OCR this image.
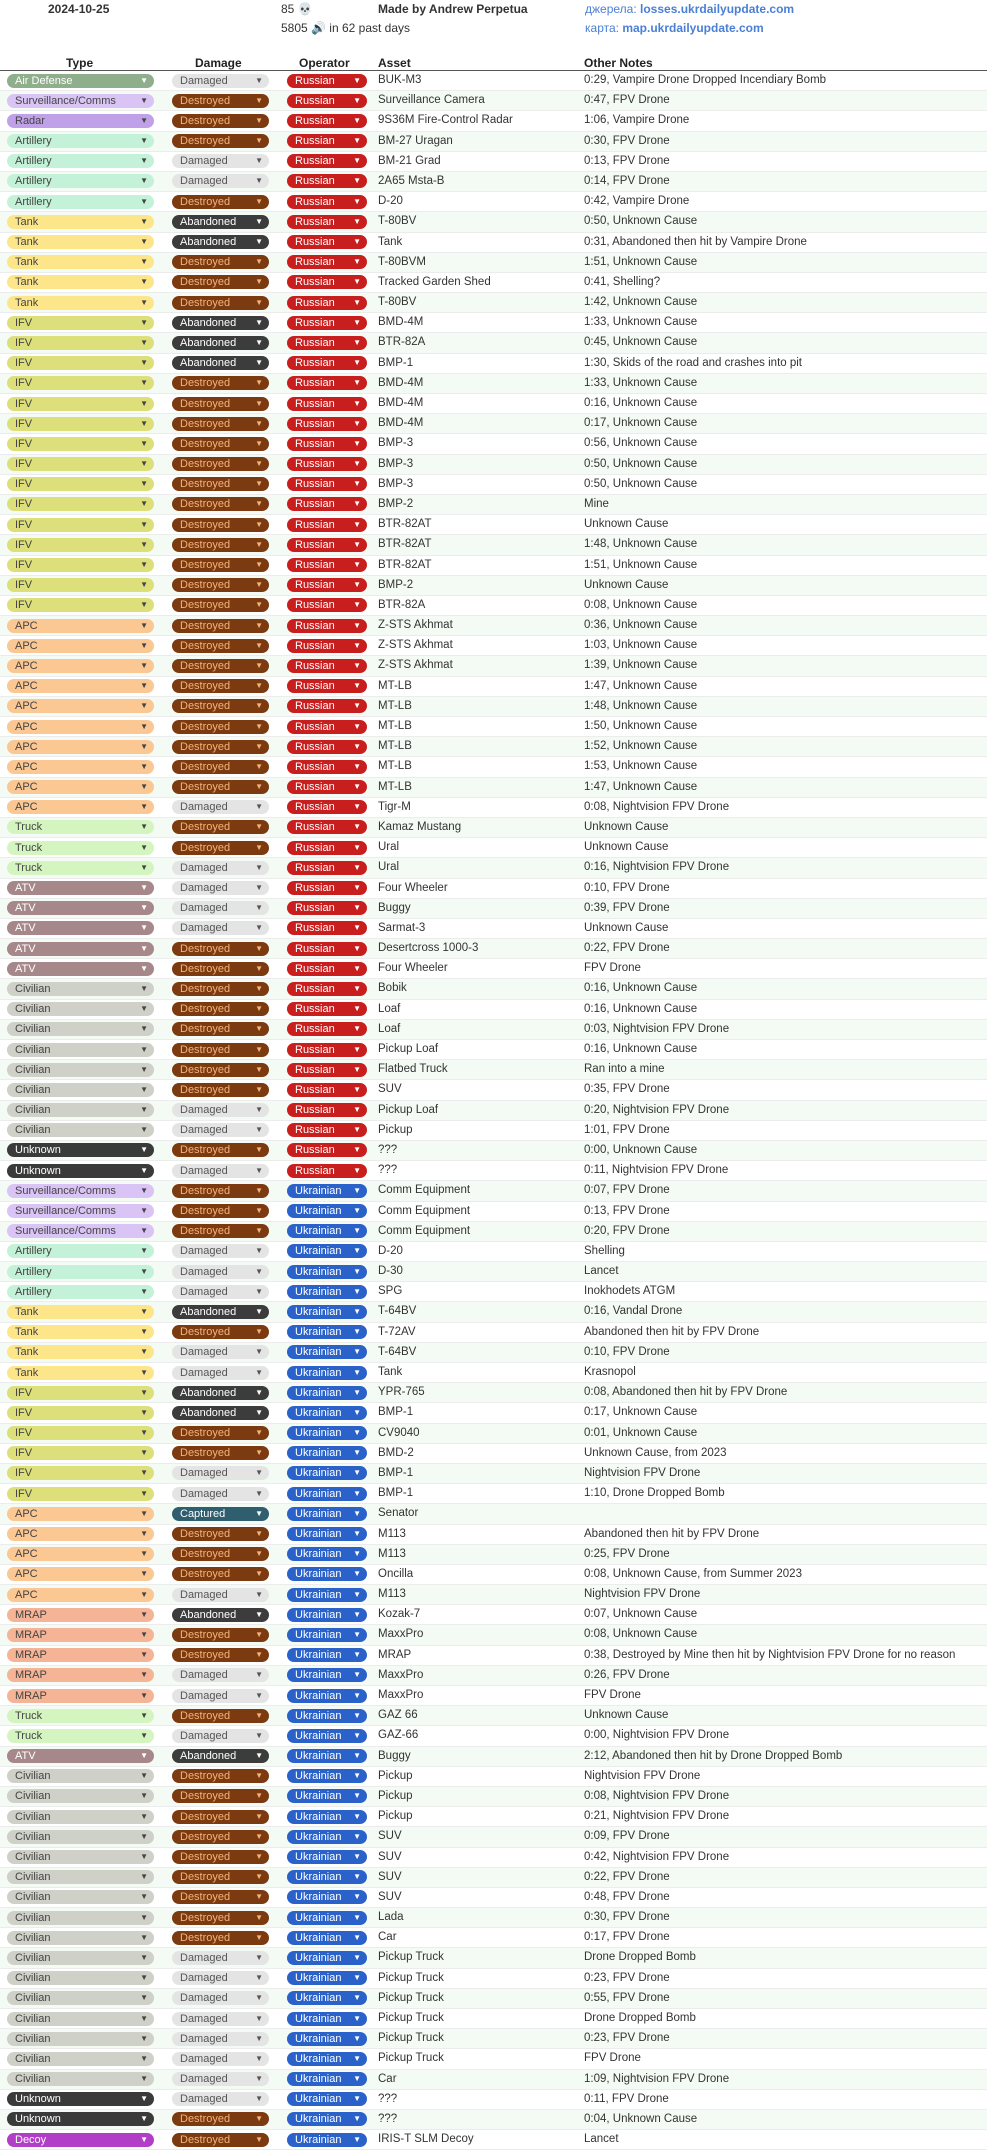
2024-10-25	85 💀
5805 🔊 in 62 past days
Made by Andrew Perpetua	джерела: losses.ukrdailyupdate.com
карта: map.ukrdailyupdate.com
Type	Damage	Operator Asset	Other Notes
Air Defense	▼	Damaged	▼	Russian ▼ BUK-M3	0:29, Vampire Drone Dropped Incendiary Bomb
Surveillance/Comms	▼	Destroyed	▼	Russian ▼ Surveillance Camera	0:47, FPV Drone
Radar	▼	Destroyed	▼	Russian ▼ 9S36M Fire-Control Radar	1:06, Vampire Drone
Artillery	▼	Destroyed	▼	Russian ▼ BM-27 Uragan	0:30, FPV Drone
Artillery	▼	Damaged	▼	Russian ▼ BM-21 Grad	0:13, FPV Drone
Artillery	▼	Damaged	▼	Russian ▼ 2A65 Msta-B	0:14, FPV Drone
Artillery	▼	Destroyed	▼	Russian ▼ D-20	0:42, Vampire Drone
Tank	▼	Abandoned ▼	Russian ▼ T-80BV	0:50, Unknown Cause
Tank	▼	Abandoned ▼	Russian ▼ Tank	0:31, Abandoned then hit by Vampire Drone
Tank	▼	Destroyed	▼	Russian ▼ T-80BVM	1:51, Unknown Cause
Tank	▼	Destroyed	▼	Russian ▼ Tracked Garden Shed	0:41, Shelling?
Tank	▼	Destroyed	▼	Russian ▼ T-80BV	1:42, Unknown Cause
IFV	▼	Abandoned ▼	Russian ▼ BMD-4M	1:33, Unknown Cause
IFV	▼	Abandoned ▼	Russian ▼ BTR-82A	0:45, Unknown Cause
IFV	▼	Abandoned ▼	Russian ▼ BMP-1	1:30, Skids of the road and crashes into pit
IFV	▼	Destroyed	▼	Russian ▼ BMD-4M	1:33, Unknown Cause
IFV	▼	Destroyed	▼	Russian ▼ BMD-4M	0:16, Unknown Cause
IFV	▼	Destroyed	▼	Russian ▼ BMD-4M	0:17, Unknown Cause
IFV	▼	Destroyed	▼	Russian ▼ BMP-3	0:56, Unknown Cause
IFV	▼	Destroyed	▼	Russian ▼ BMP-3	0:50, Unknown Cause
IFV	▼	Destroyed	▼	Russian ▼ BMP-3	0:50, Unknown Cause
IFV	▼	Destroyed	▼	Russian ▼ BMP-2	Mine
IFV	▼	Destroyed	▼	Russian ▼ BTR-82AT	Unknown Cause
IFV	▼	Destroyed	▼	Russian ▼ BTR-82AT	1:48, Unknown Cause
IFV	▼	Destroyed	▼	Russian ▼ BTR-82AT	1:51, Unknown Cause
IFV	▼	Destroyed	▼	Russian ▼ BMP-2	Unknown Cause
IFV	▼	Destroyed	▼	Russian ▼ BTR-82A	0:08, Unknown Cause
APC	▼	Destroyed	▼	Russian ▼ Z-STS Akhmat	0:36, Unknown Cause
APC	▼	Destroyed	▼	Russian ▼ Z-STS Akhmat	1:03, Unknown Cause
APC	▼	Destroyed	▼	Russian ▼ Z-STS Akhmat	1:39, Unknown Cause
APC	▼	Destroyed	▼	Russian ▼ MT-LB	1:47, Unknown Cause
APC	▼	Destroyed	▼	Russian ▼ MT-LB	1:48, Unknown Cause
APC	▼	Destroyed	▼	Russian ▼ MT-LB	1:50, Unknown Cause
APC	▼	Destroyed	▼	Russian ▼ MT-LB	1:52, Unknown Cause
APC	▼	Destroyed	▼	Russian ▼ MT-LB	1:53, Unknown Cause
APC	▼	Destroyed	▼	Russian ▼ MT-LB	1:47, Unknown Cause
APC	▼	Damaged	▼	Russian ▼ Tigr-M	0:08, Nightvision FPV Drone
Truck	▼	Destroyed	▼	Russian ▼ Kamaz Mustang	Unknown Cause
Truck	▼	Destroyed	▼	Russian ▼ Ural	Unknown Cause
Truck	▼	Damaged	▼	Russian ▼ Ural	0:16, Nightvision FPV Drone
ATV	▼	Damaged	▼	Russian ▼ Four Wheeler	0:10, FPV Drone
ATV	▼	Damaged	▼	Russian ▼ Buggy	0:39, FPV Drone
ATV	▼	Damaged	▼	Russian ▼ Sarmat-3	Unknown Cause
ATV	▼	Destroyed	▼	Russian ▼ Desertcross 1000-3	0:22, FPV Drone
ATV	▼	Destroyed	▼	Russian ▼ Four Wheeler	FPV Drone
Civilian	▼	Destroyed	▼	Russian ▼ Bobik	0:16, Unknown Cause
Civilian	▼	Destroyed	▼	Russian ▼ Loaf	0:16, Unknown Cause
Civilian	▼	Destroyed	▼	Russian ▼ Loaf	0:03, Nightvision FPV Drone
Civilian	▼	Destroyed	▼	Russian ▼ Pickup Loaf	0:16, Unknown Cause
Civilian	▼	Destroyed	▼	Russian ▼ Flatbed Truck	Ran into a mine
Civilian	▼	Destroyed	▼	Russian ▼ SUV	0:35, FPV Drone
Civilian	▼	Damaged	▼	Russian ▼ Pickup Loaf	0:20, Nightvision FPV Drone
Civilian	▼	Damaged	▼	Russian ▼ Pickup	1:01, FPV Drone
Unknown	▼	Destroyed	▼	Russian ▼ ???	0:00, Unknown Cause
Unknown	▼	Damaged	▼	Russian ▼ ???	0:11, Nightvision FPV Drone
Surveillance/Comms	▼	Destroyed	▼	Ukrainian ▼ Comm Equipment	0:07, FPV Drone
Surveillance/Comms	▼	Destroyed	▼	Ukrainian ▼ Comm Equipment	0:13, FPV Drone
Surveillance/Comms	▼	Destroyed	▼	Ukrainian ▼ Comm Equipment	0:20, FPV Drone
Artillery	▼	Damaged	▼	Ukrainian ▼ D-20	Shelling
Artillery	▼	Damaged	▼	Ukrainian ▼ D-30	Lancet
Artillery	▼	Damaged	▼	Ukrainian ▼ SPG	Inokhodets ATGM
Tank	▼	Abandoned ▼	Ukrainian ▼ T-64BV	0:16, Vandal Drone
Tank	▼	Destroyed	▼	Ukrainian ▼ T-72AV	Abandoned then hit by FPV Drone
Tank	▼	Damaged	▼	Ukrainian ▼ T-64BV	0:10, FPV Drone
Tank	▼	Damaged	▼	Ukrainian ▼ Tank	Krasnopol
IFV	▼	Abandoned ▼	Ukrainian ▼ YPR-765	0:08, Abandoned then hit by FPV Drone
IFV	▼	Abandoned ▼	Ukrainian ▼ BMP-1	0:17, Unknown Cause
IFV	▼	Destroyed	▼	Ukrainian ▼ CV9040	0:01, Unknown Cause
IFV	▼	Destroyed	▼	Ukrainian ▼ BMD-2	Unknown Cause, from 2023
IFV	▼	Damaged	▼	Ukrainian ▼ BMP-1	Nightvision FPV Drone
IFV	▼	Damaged	▼	Ukrainian ▼ BMP-1	1:10, Drone Dropped Bomb
APC	▼	Captured	▼	Ukrainian ▼ Senator
APC	▼	Destroyed	▼	Ukrainian ▼ M113	Abandoned then hit by FPV Drone
APC	▼	Destroyed	▼	Ukrainian ▼ M113	0:25, FPV Drone
APC	▼	Destroyed	▼	Ukrainian ▼ Oncilla	0:08, Unknown Cause, from Summer 2023
APC	▼	Damaged	▼	Ukrainian ▼ M113	Nightvision FPV Drone
MRAP	▼	Abandoned ▼	Ukrainian ▼ Kozak-7	0:07, Unknown Cause
MRAP	▼	Destroyed	▼	Ukrainian ▼ MaxxPro	0:08, Unknown Cause
MRAP	▼	Destroyed	▼	Ukrainian ▼ MRAP	0:38, Destroyed by Mine then hit by Nightvision FPV Drone for no reason
MRAP	▼	Damaged	▼	Ukrainian ▼ MaxxPro	0:26, FPV Drone
MRAP	▼	Damaged	▼	Ukrainian ▼ MaxxPro	FPV Drone
Truck	▼	Destroyed	▼	Ukrainian ▼ GAZ 66	Unknown Cause
Truck	▼	Damaged	▼	Ukrainian ▼ GAZ-66	0:00, Nightvision FPV Drone
ATV	▼	Abandoned ▼	Ukrainian ▼ Buggy	2:12, Abandoned then hit by Drone Dropped Bomb
Civilian	▼	Destroyed	▼	Ukrainian ▼ Pickup	Nightvision FPV Drone
Civilian	▼	Destroyed	▼	Ukrainian ▼ Pickup	0:08, Nightvision FPV Drone
Civilian	▼	Destroyed	▼	Ukrainian ▼ Pickup	0:21, Nightvision FPV Drone
Civilian	▼	Destroyed	▼	Ukrainian ▼ SUV	0:09, FPV Drone
Civilian	▼	Destroyed	▼	Ukrainian ▼ SUV	0:42, Nightvision FPV Drone
Civilian	▼	Destroyed	▼	Ukrainian ▼ SUV	0:22, FPV Drone
Civilian	▼	Destroyed	▼	Ukrainian ▼ SUV	0:48, FPV Drone
Civilian	▼	Destroyed	▼	Ukrainian ▼ Lada	0:30, FPV Drone
Civilian	▼	Destroyed	▼	Ukrainian ▼ Car	0:17, FPV Drone
Civilian	▼	Damaged	▼	Ukrainian ▼ Pickup Truck	Drone Dropped Bomb
Civilian	▼	Damaged	▼	Ukrainian ▼ Pickup Truck	0:23, FPV Drone
Civilian	▼	Damaged	▼	Ukrainian ▼ Pickup Truck	0:55, FPV Drone
Civilian	▼	Damaged	▼	Ukrainian ▼ Pickup Truck	Drone Dropped Bomb
Civilian	▼	Damaged	▼	Ukrainian ▼ Pickup Truck	0:23, FPV Drone
Civilian	▼	Damaged	▼	Ukrainian ▼ Pickup Truck	FPV Drone
Civilian	▼	Damaged	▼	Ukrainian ▼ Car	1:09, Nightvision FPV Drone
Unknown	▼	Damaged	▼	Ukrainian ▼ ???	0:11, FPV Drone
Unknown	▼	Destroyed	▼	Ukrainian ▼ ???	0:04, Unknown Cause
Decoy	▼	Destroyed	▼	Ukrainian ▼ IRIS-T SLM Decoy	Lancet
